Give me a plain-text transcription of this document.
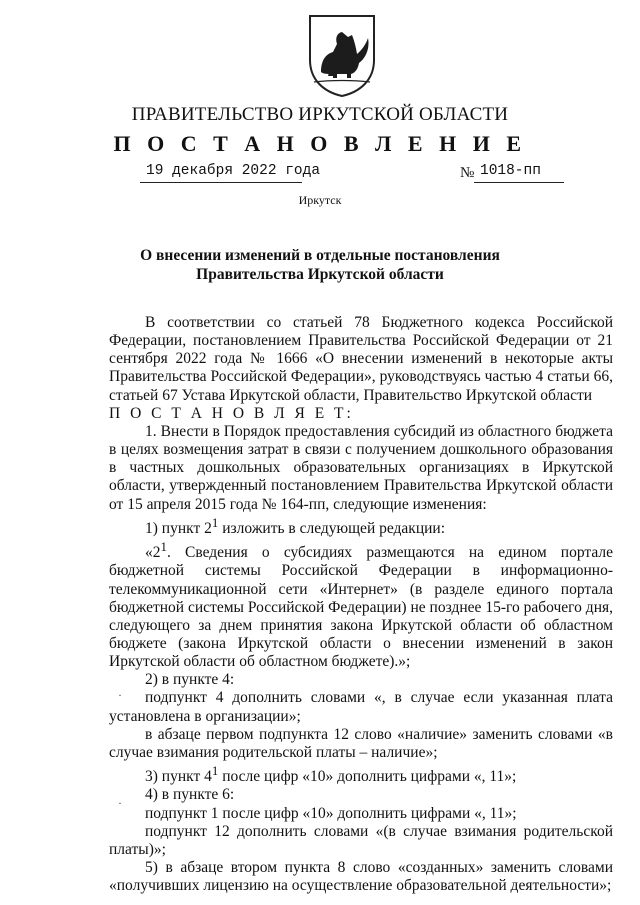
ПРАВИТЕЛЬСТВО ИРКУТСКОЙ ОБЛАСТИ
П О С Т А Н О В Л Е Н И Е
19 декабря 2022 года	№ 1018-пп
Иркутск
О внесении изменений в отдельные постановления
Правительства Иркутской области
·
·

В соответствии со статьей 78 Бюджетного кодекса Российской Федерации, постановлением Правительства Российской Федерации от 21 сентября 2022 года № 1666 «О внесении изменений в некоторые акты Правительства Российской Федерации», руководствуясь частью 4 статьи 66, статьей 67 Устава Иркутской области, Правительство Иркутской области

П О С Т А Н О В Л Я Е Т:

1. Внести в Порядок предоставления субсидий из областного бюджета в целях возмещения затрат в связи с получением дошкольного образования в частных дошкольных образовательных организациях в Иркутской области, утвержденный постановлением Правительства Иркутской области от 15 апреля 2015 года № 164-пп, следующие изменения:

1) пункт $2^1$ изложить в следующей редакции:

«$2^1$. Сведения о субсидиях размещаются на едином портале бюджетной системы Российской Федерации в информационно-телекоммуникационной сети «Интернет» (в разделе единого портала бюджетной системы Российской Федерации) не позднее 15-го рабочего дня, следующего за днем принятия закона Иркутской области об областном бюджете (закона Иркутской области о внесении изменений в закон Иркутской области об областном бюджете).»;

2) в пункте 4:

подпункт 4 дополнить словами «, в случае если указанная плата установлена в организации»;

в абзаце первом подпункта 12 слово «наличие» заменить словами «в случае взимания родительской платы – наличие»;

3) пункт $4^1$ после цифр «10» дополнить цифрами «, 11»;

4) в пункте 6:

подпункт 1 после цифр «10» дополнить цифрами «, 11»;

подпункт 12 дополнить словами «(в случае взимания родительской платы)»;

5) в абзаце втором пункта 8 слово «созданных» заменить словами «получивших лицензию на осуществление образовательной деятельности»;
